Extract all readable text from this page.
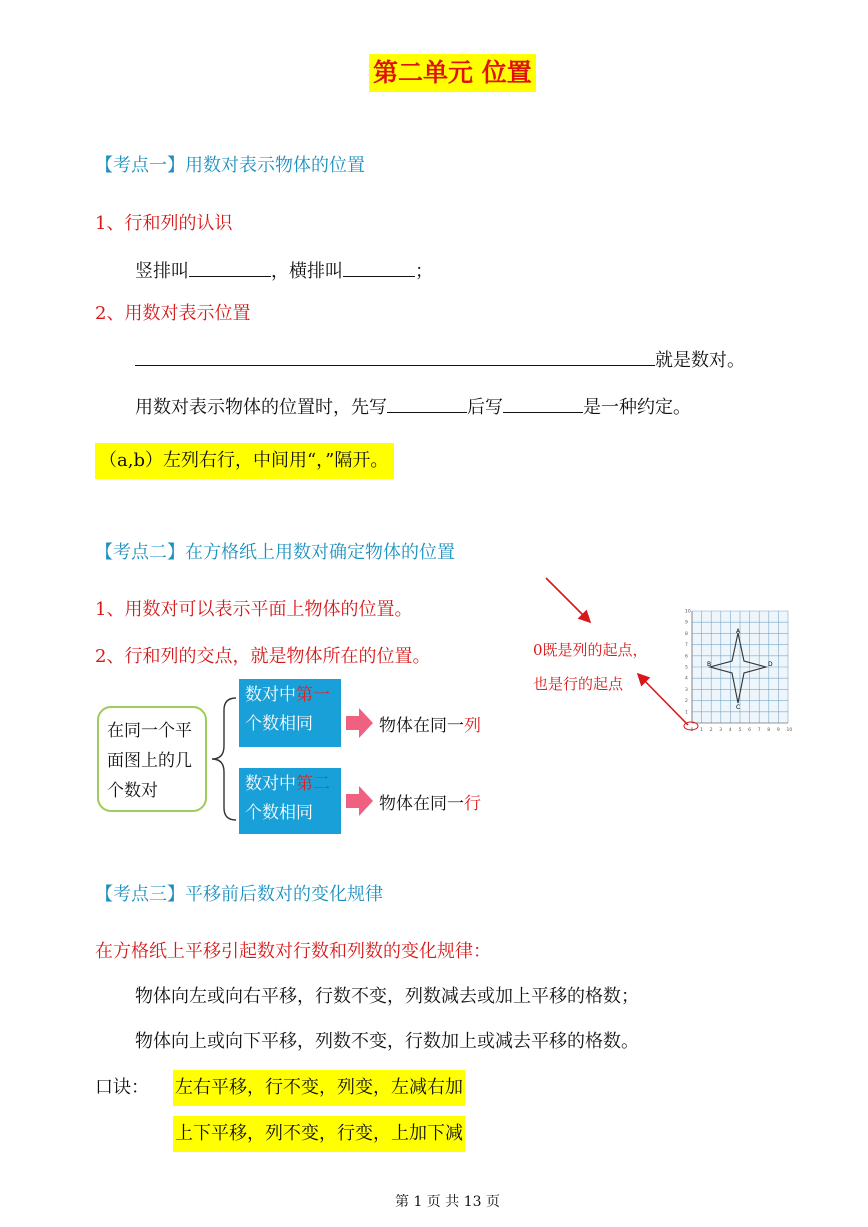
第二单元 位置
【考点一】用数对表示物体的位置
1、行和列的认识
竖排叫	，横排叫	；
2、用数对表示位置
就是数对。
用数对表示物体的位置时，先写	后写	是一种约定。
（a,b）左列右行，中间用“，”隔开。
【考点二】在方格纸上用数对确定物体的位置
1、用数对可以表示平面上物体的位置。
2、行和列的交点，就是物体所在的位置。	0既是列的起点，
也是行的起点
0 1 2 3 4 5 6 7 8 9 10
1
2
3
4
5
6
7
8
9
10
A
B
C
D
在同一个平面图上的几个数对
数对中第一
个数相同
数对中第二
个数相同
物体在同一列
物体在同一行
【考点三】平移前后数对的变化规律
在方格纸上平移引起数对行数和列数的变化规律：
物体向左或向右平移，行数不变，列数减去或加上平移的格数；
物体向上或向下平移，列数不变，行数加上或减去平移的格数。
口诀： 左右平移，行不变，列变，左减右加
上下平移，列不变，行变，上加下减
第 1 页 共 13 页
